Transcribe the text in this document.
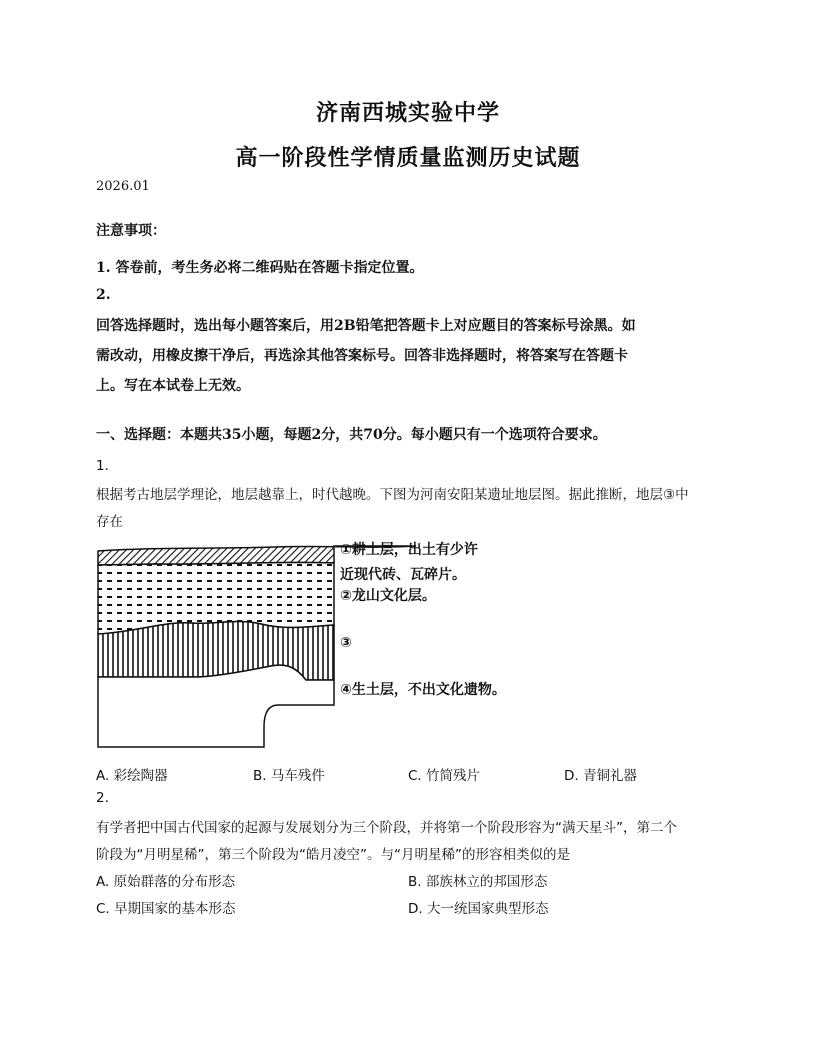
济南西城实验中学
高一阶段性学情质量监测历史试题
2026.01
注意事项：
1. 答卷前，考生务必将二维码贴在答题卡指定位置。
2.
回答选择题时，选出每小题答案后，用2B铅笔把答题卡上对应题目的答案标号涂黑。如
需改动，用橡皮擦干净后，再选涂其他答案标号。回答非选择题时，将答案写在答题卡
上。写在本试卷上无效。
一、选择题：本题共35小题，每题2分，共70分。每小题只有一个选项符合要求。
1.
根据考古地层学理论，地层越靠上，时代越晚。下图为河南安阳某遗址地层图。据此推断，地层③中
存在
①耕土层，出土有少许
近现代砖、瓦碎片。
②龙山文化层。
③
④生土层，不出文化遗物。
A. 彩绘陶器	B. 马车残件	C. 竹简残片	D. 青铜礼器
2.
有学者把中国古代国家的起源与发展划分为三个阶段，并将第一个阶段形容为“满天星斗”，第二个
阶段为“月明星稀”，第三个阶段为“皓月凌空”。与“月明星稀”的形容相类似的是
A. 原始群落的分布形态	B. 部族林立的邦国形态
C. 早期国家的基本形态	D. 大一统国家典型形态
